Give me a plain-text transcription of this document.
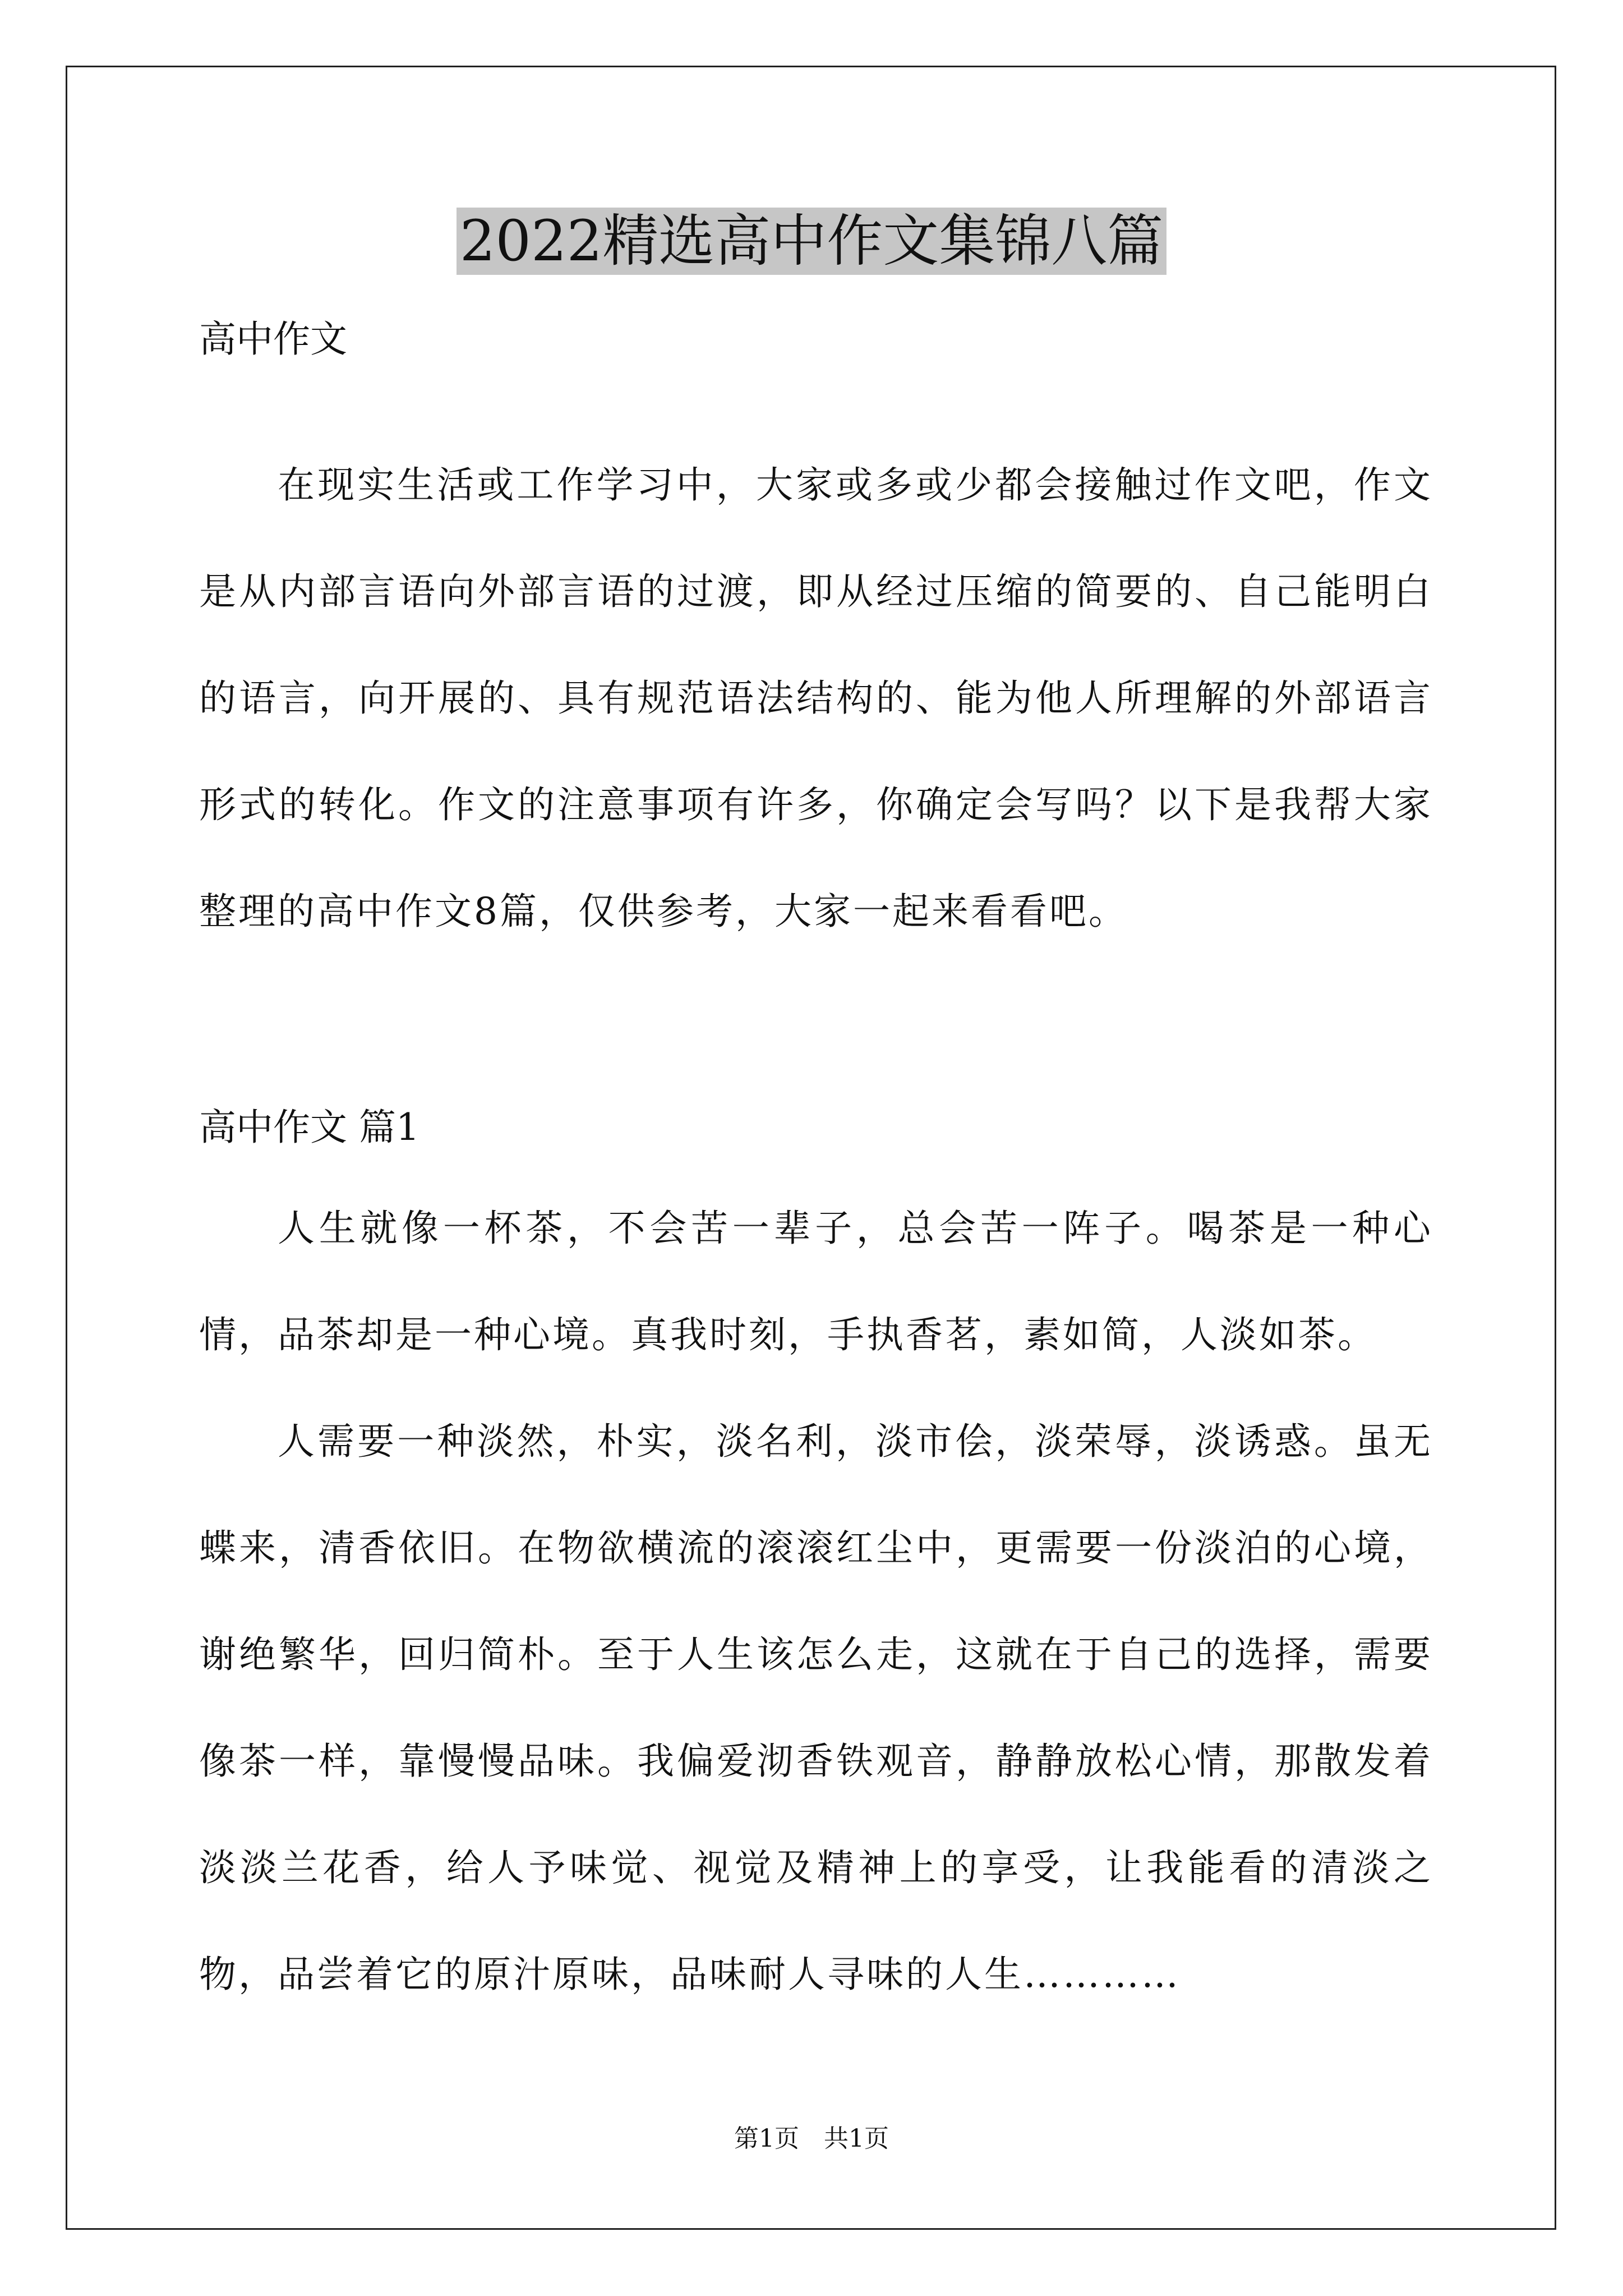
2022精选高中作文集锦八篇
高中作文
在现实生活或工作学习中，大家或多或少都会接触过作文吧，作文是从内部言语向外部言语的过渡，即从经过压缩的简要的、自己能明白的语言，向开展的、具有规范语法结构的、能为他人所理解的外部语言形式的转化。作文的注意事项有许多，你确定会写吗？以下是我帮大家整理的高中作文8篇，仅供参考，大家一起来看看吧。
高中作文 篇1
人生就像一杯茶，不会苦一辈子，总会苦一阵子。喝茶是一种心情，品茶却是一种心境。真我时刻，手执香茗，素如简，人淡如茶。
人需要一种淡然，朴实，淡名利，淡市侩，淡荣辱，淡诱惑。虽无蝶来，清香依旧。在物欲横流的滚滚红尘中，更需要一份淡泊的心境，谢绝繁华，回归简朴。至于人生该怎么走，这就在于自己的选择，需要像茶一样，靠慢慢品味。我偏爱沏香铁观音，静静放松心情，那散发着淡淡兰花香，给人予味觉、视觉及精神上的享受，让我能看的清淡之物，品尝着它的原汁原味，品味耐人寻味的人生…………
第1页　共1页
